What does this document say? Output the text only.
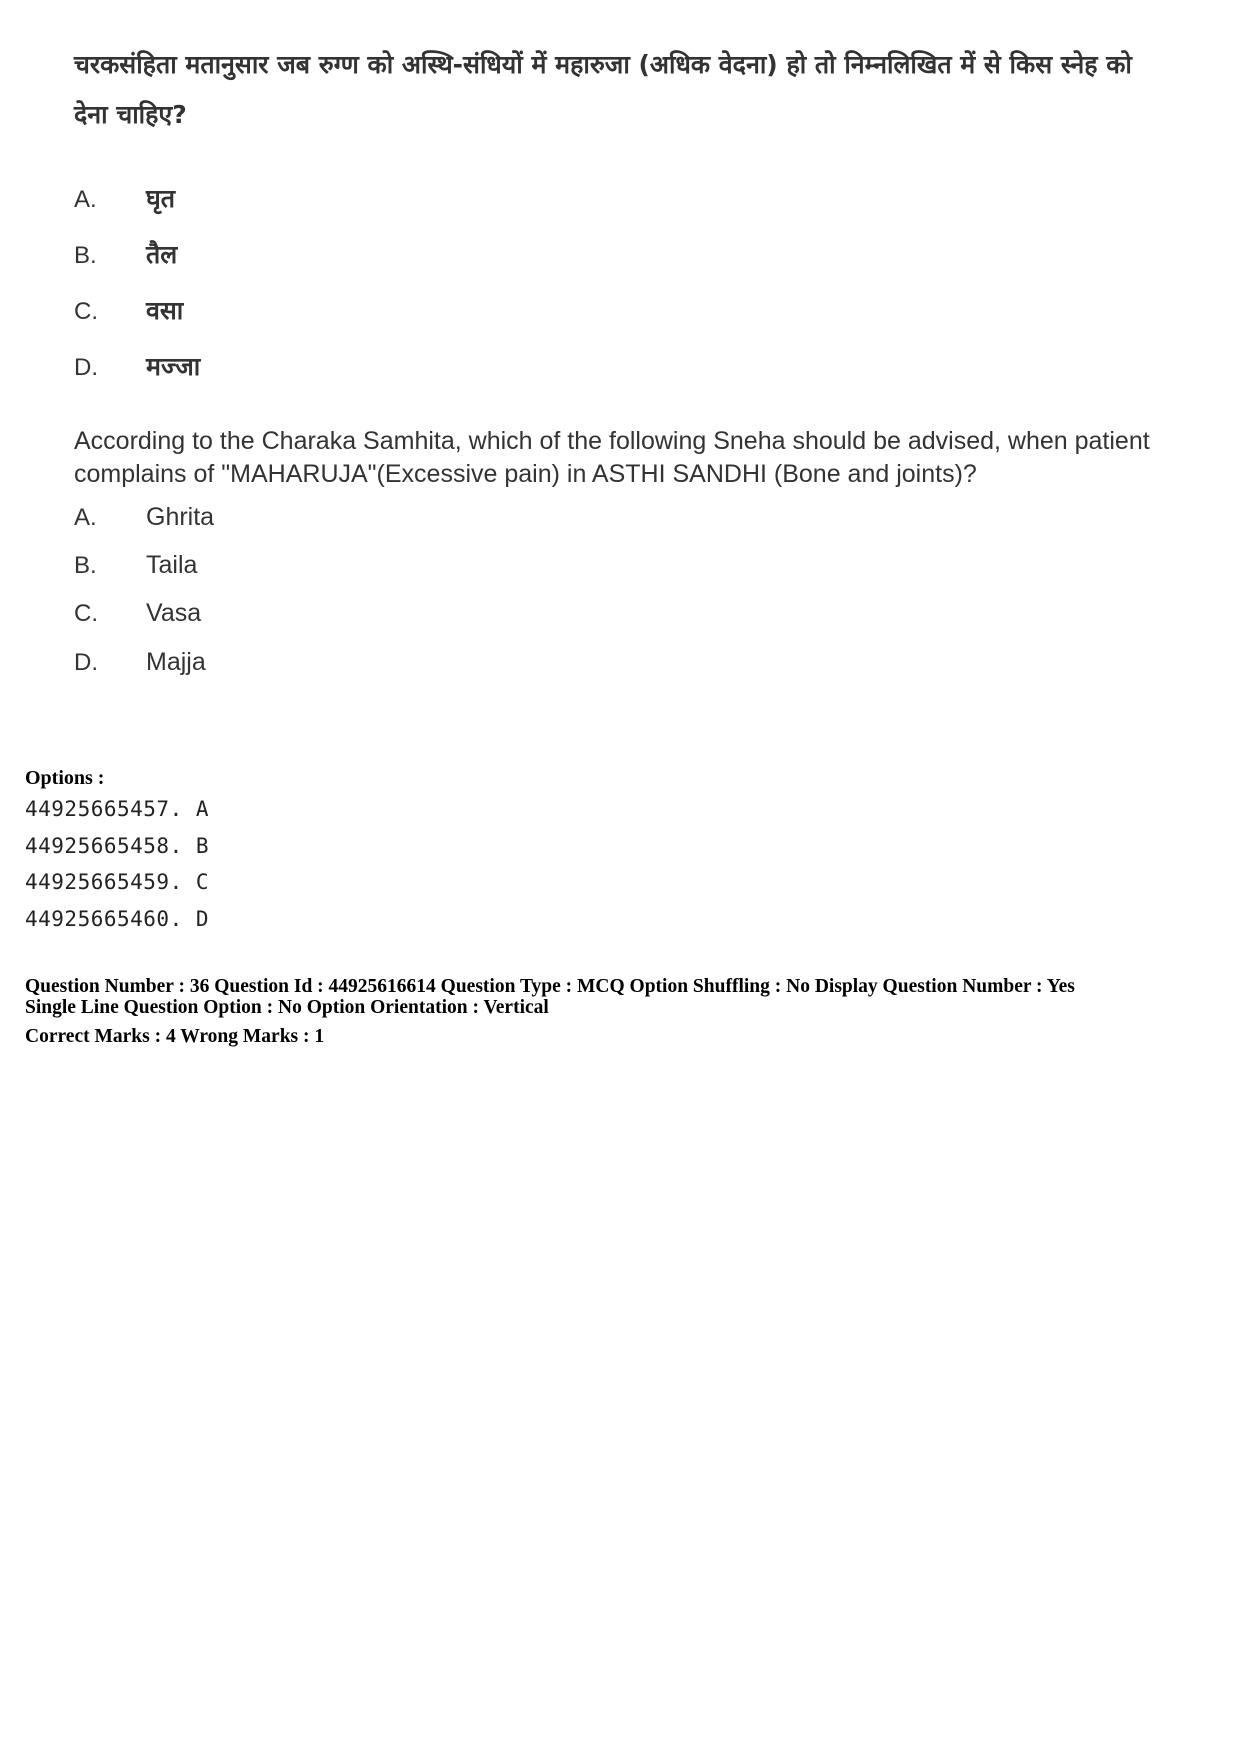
चरकसंहिता मतानुसार जब रुग्ण को अस्थि-संधियों में महारुजा (अधिक वेदना) हो तो निम्नलिखित में से किस स्नेह को देना चाहिए?
A. घृत
B. तैल
C. वसा
D. मज्जा
According to the Charaka Samhita, which of the following Sneha should be advised, when patient complains of "MAHARUJA"(Excessive pain) in ASTHI SANDHI (Bone and joints)?
A. Ghrita
B. Taila
C. Vasa
D. Majja
Options :
44925665457. A
44925665458. B
44925665459. C
44925665460. D
Question Number : 36 Question Id : 44925616614 Question Type : MCQ Option Shuffling : No Display Question Number : Yes
Single Line Question Option : No Option Orientation : Vertical
Correct Marks : 4 Wrong Marks : 1
